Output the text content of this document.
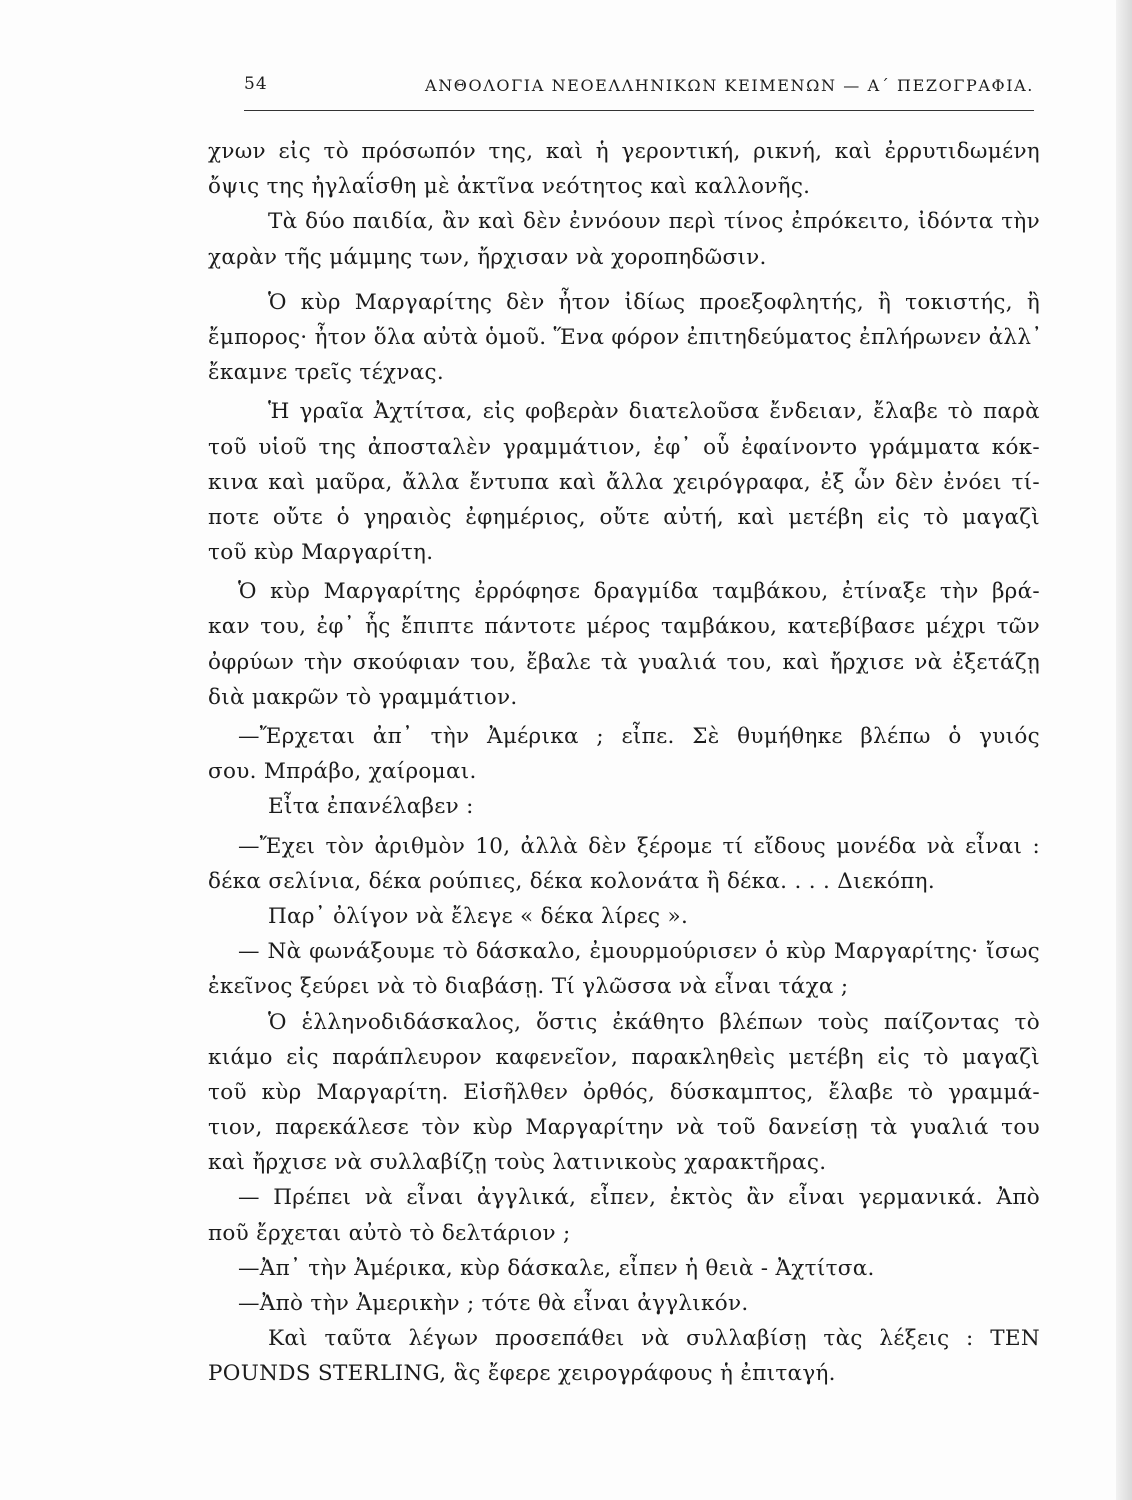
54	ΑΝΘΟΛΟΓΙΑ ΝΕΟΕΛΛΗΝΙΚΩΝ ΚΕΙΜΕΝΩΝ — Α΄ ΠΕΖΟΓΡΑΦΙΑ.
χνων εἰς τὸ πρόσωπόν της, καὶ ἡ γεροντική, ρικνή, καὶ ἐρρυτιδωμένη
ὄψις της ἠγλαΐσθη μὲ ἀκτῖνα νεότητος καὶ καλλονῆς.
Τὰ δύο παιδία, ἂν καὶ δὲν ἐννόουν περὶ τίνος ἐπρόκειτο, ἰδόντα τὴν
χαρὰν τῆς μάμμης των, ἤρχισαν νὰ χοροπηδῶσιν.
Ὁ κὺρ Μαργαρίτης δὲν ἦτον ἰδίως προεξοφλητής, ἢ τοκιστής, ἢ
ἔμπορος· ἦτον ὅλα αὐτὰ ὁμοῦ. Ἕνα φόρον ἐπιτηδεύματος ἐπλήρωνεν ἀλλ᾽
ἔκαμνε τρεῖς τέχνας.
Ἡ γραῖα Ἀχτίτσα, εἰς φοβερὰν διατελοῦσα ἔνδειαν, ἔλαβε τὸ παρὰ
τοῦ υἱοῦ της ἀποσταλὲν γραμμάτιον, ἐφ᾽ οὗ ἐφαίνοντο γράμματα κόκ-
κινα καὶ μαῦρα, ἄλλα ἔντυπα καὶ ἄλλα χειρόγραφα, ἐξ ὧν δὲν ἐνόει τί-
ποτε οὔτε ὁ γηραιὸς ἐφημέριος, οὔτε αὐτή, καὶ μετέβη εἰς τὸ μαγαζὶ
τοῦ κὺρ Μαργαρίτη.
Ὁ κὺρ Μαργαρίτης ἐρρόφησε δραγμίδα ταμβάκου, ἐτίναξε τὴν βρά-
καν του, ἐφ᾽ ἧς ἔπιπτε πάντοτε μέρος ταμβάκου, κατεβίβασε μέχρι τῶν
ὀφρύων τὴν σκούφιαν του, ἔβαλε τὰ γυαλιά του, καὶ ἤρχισε νὰ ἐξετάζῃ
διὰ μακρῶν τὸ γραμμάτιον.
—Ἔρχεται ἀπ᾽ τὴν Ἀμέρικα ; εἶπε. Σὲ θυμήθηκε βλέπω ὁ γυιός
σου. Μπράβο, χαίρομαι.
Εἶτα ἐπανέλαβεν :
—Ἔχει τὸν ἀριθμὸν 10, ἀλλὰ δὲν ξέρομε τί εἴδους μονέδα νὰ εἶναι :
δέκα σελίνια, δέκα ρούπιες, δέκα κολονάτα ἢ δέκα. . . . Διεκόπη.
Παρ᾽ ὀλίγον νὰ ἔλεγε « δέκα λίρες ».
— Νὰ φωνάξουμε τὸ δάσκαλο, ἐμουρμούρισεν ὁ κὺρ Μαργαρίτης· ἴσως
ἐκεῖνος ξεύρει νὰ τὸ διαβάσῃ. Τί γλῶσσα νὰ εἶναι τάχα ;
Ὁ ἑλληνοδιδάσκαλος, ὅστις ἐκάθητο βλέπων τοὺς παίζοντας τὸ
κιάμο εἰς παράπλευρον καφενεῖον, παρακληθεὶς μετέβη εἰς τὸ μαγαζὶ
τοῦ κὺρ Μαργαρίτη. Εἰσῆλθεν ὀρθός, δύσκαμπτος, ἔλαβε τὸ γραμμά-
τιον, παρεκάλεσε τὸν κὺρ Μαργαρίτην νὰ τοῦ δανείσῃ τὰ γυαλιά του
καὶ ἤρχισε νὰ συλλαβίζῃ τοὺς λατινικοὺς χαρακτῆρας.
— Πρέπει νὰ εἶναι ἀγγλικά, εἶπεν, ἐκτὸς ἂν εἶναι γερμανικά. Ἀπὸ
ποῦ ἔρχεται αὐτὸ τὸ δελτάριον ;
—Ἀπ᾽ τὴν Ἀμέρικα, κὺρ δάσκαλε, εἶπεν ἡ θειὰ - Ἀχτίτσα.
—Ἀπὸ τὴν Ἀμερικὴν ; τότε θὰ εἶναι ἀγγλικόν.
Καὶ ταῦτα λέγων προσεπάθει νὰ συλλαβίσῃ τὰς λέξεις : TEN
POUNDS STERLING, ἃς ἔφερε χειρογράφους ἡ ἐπιταγή.
